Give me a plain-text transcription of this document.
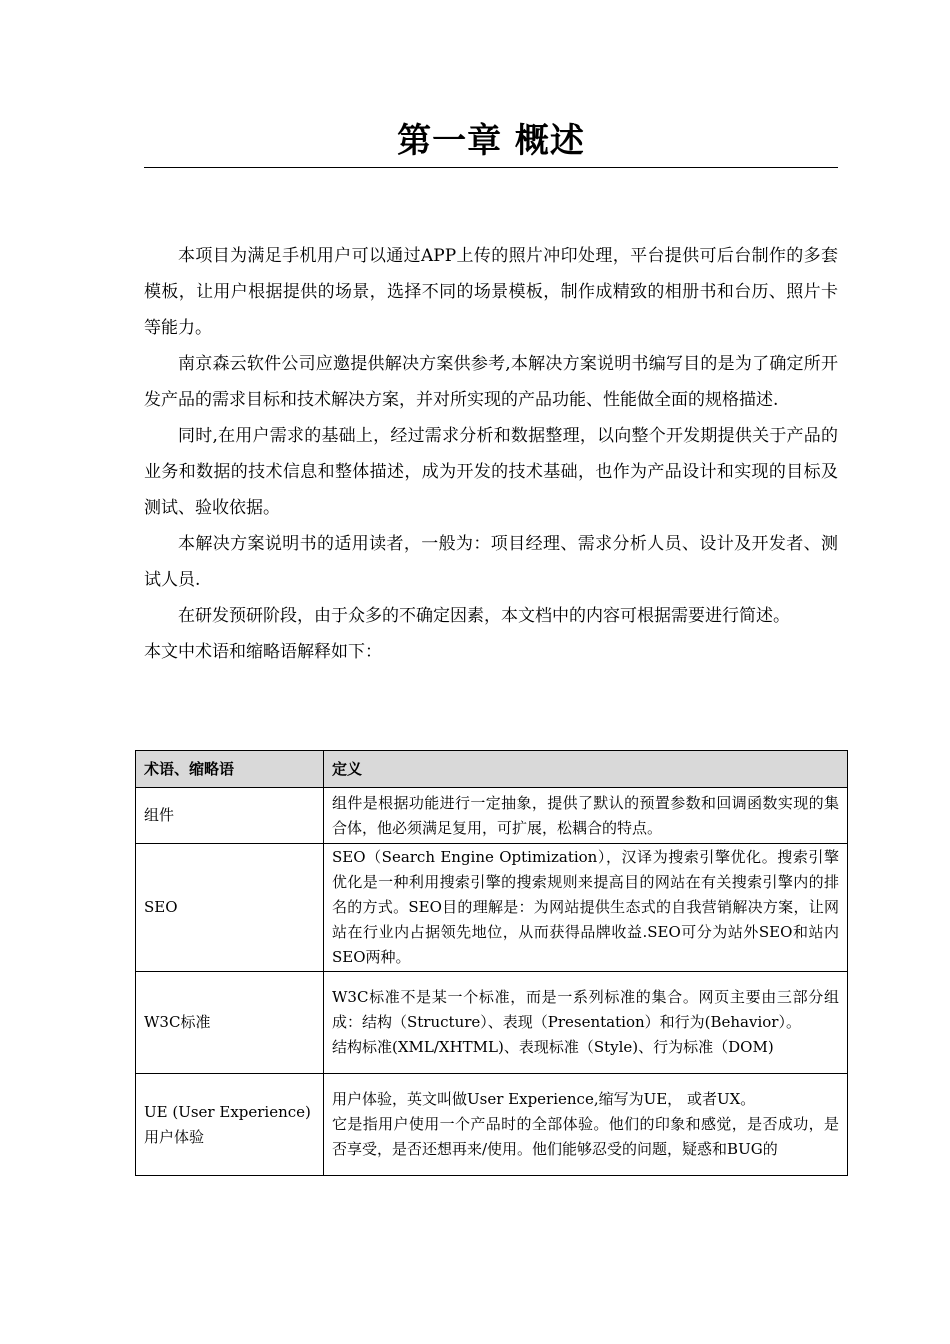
第一章 概述

本项目为满足手机用户可以通过APP上传的照片冲印处理，平台提供可后台制作的多套模板，让用户根据提供的场景，选择不同的场景模板，制作成精致的相册书和台历、照片卡等能力。

南京森云软件公司应邀提供解决方案供参考,本解决方案说明书编写目的是为了确定所开发产品的需求目标和技术解决方案，并对所实现的产品功能、性能做全面的规格描述.

同时,在用户需求的基础上，经过需求分析和数据整理，以向整个开发期提供关于产品的业务和数据的技术信息和整体描述，成为开发的技术基础，也作为产品设计和实现的目标及测试、验收依据。

本解决方案说明书的适用读者，一般为：项目经理、需求分析人员、设计及开发者、测试人员.

在研发预研阶段，由于众多的不确定因素，本文档中的内容可根据需要进行简述。

本文中术语和缩略语解释如下：

术语、缩略语	定义
组件	组件是根据功能进行一定抽象，提供了默认的预置参数和回调函数实现的集合体，他必须满足复用，可扩展，松耦合的特点。

SEO	SEO（Search Engine Optimization），汉译为搜索引擎优化。搜索引擎优化是一种利用搜索引擎的搜索规则来提高目的网站在有关搜索引擎内的排名的方式。SEO目的理解是：为网站提供生态式的自我营销解决方案，让网站在行业内占据领先地位，从而获得品牌收益.SEO可分为站外SEO和站内SEO两种。

W3C标准	W3C标准不是某一个标准，而是一系列标准的集合。网页主要由三部分组成：结构（Structure）、表现（Presentation）和行为(Behavior）。
结构标准(XML/XHTML)、表现标准（Style)、行为标准（DOM)

UE (User Experience)
用户体验	用户体验，英文叫做User Experience,缩写为UE， 或者UX。
它是指用户使用一个产品时的全部体验。他们的印象和感觉，是否成功，是否享受，是否还想再来/使用。他们能够忍受的问题，疑惑和BUG的
